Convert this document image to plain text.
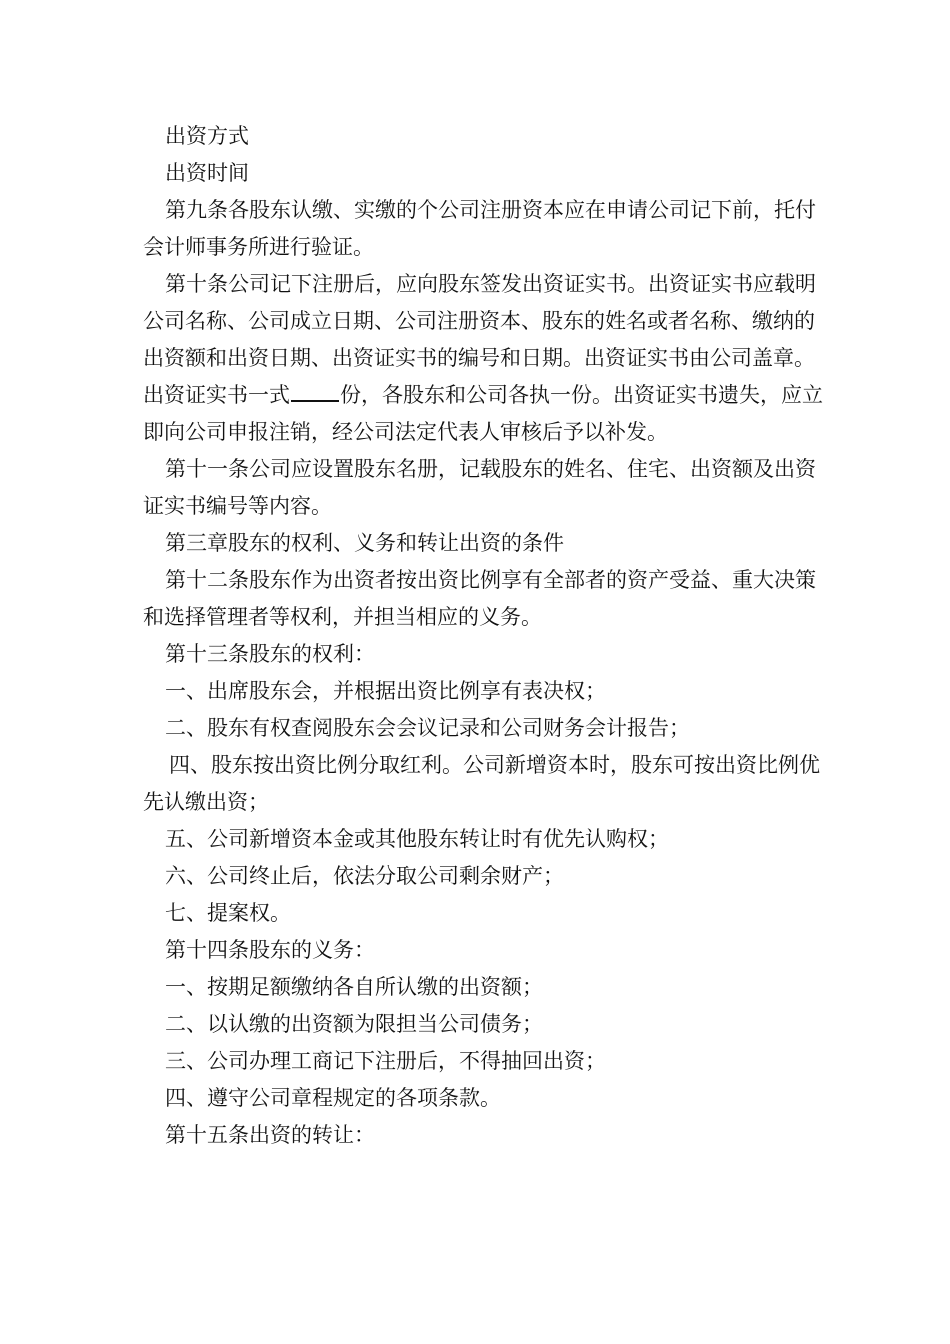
出资方式

出资时间

第九条各股东认缴、实缴的个公司注册资本应在申请公司记下前，托付会计师事务所进行验证。

第十条公司记下注册后，应向股东签发出资证实书。出资证实书应载明公司名称、公司成立日期、公司注册资本、股东的姓名或者名称、缴纳的出资额和出资日期、出资证实书的编号和日期。出资证实书由公司盖章。出资证实书一式 份，各股东和公司各执一份。出资证实书遗失，应立即向公司申报注销，经公司法定代表人审核后予以补发。

第十一条公司应设置股东名册，记载股东的姓名、住宅、出资额及出资证实书编号等内容。

第三章股东的权利、义务和转让出资的条件

第十二条股东作为出资者按出资比例享有全部者的资产受益、重大决策和选择管理者等权利，并担当相应的义务。

第十三条股东的权利：

一、出席股东会，并根据出资比例享有表决权；

二、股东有权查阅股东会会议记录和公司财务会计报告；

四、股东按出资比例分取红利。公司新增资本时，股东可按出资比例优先认缴出资；

五、公司新增资本金或其他股东转让时有优先认购权；

六、公司终止后，依法分取公司剩余财产；

七、提案权。

第十四条股东的义务：

一、按期足额缴纳各自所认缴的出资额；

二、以认缴的出资额为限担当公司债务；

三、公司办理工商记下注册后，不得抽回出资；

四、遵守公司章程规定的各项条款。

第十五条出资的转让：
